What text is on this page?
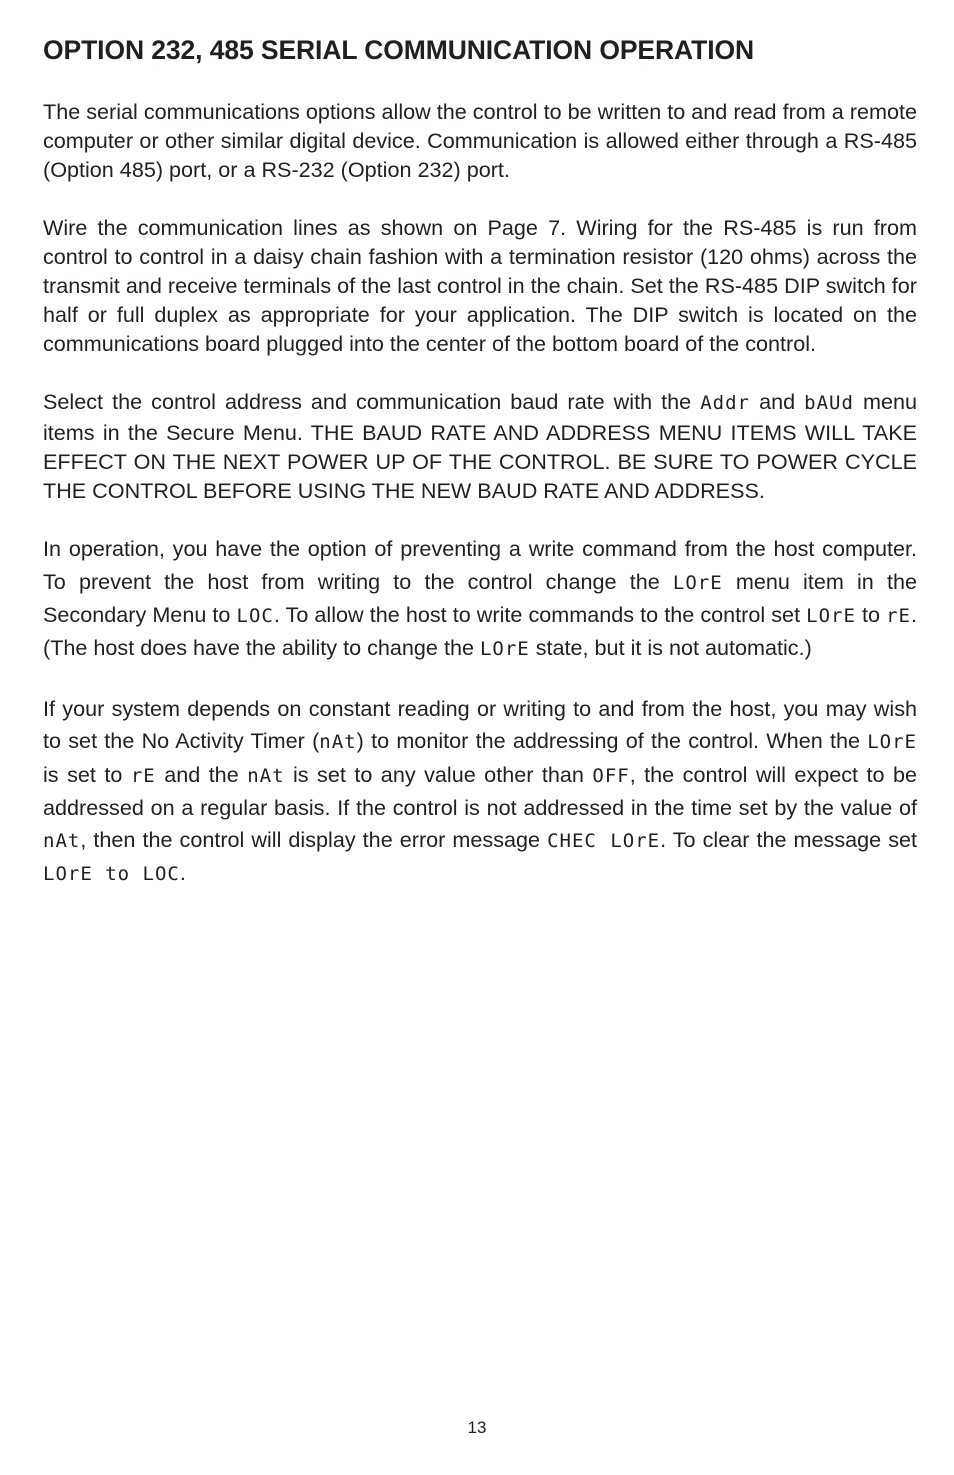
OPTION 232, 485 SERIAL COMMUNICATION OPERATION

The serial communications options allow the control to be written to and read from a remote computer or other similar digital device. Communication is allowed either through a RS-485 (Option 485) port, or a RS-232 (Option 232) port.

Wire the communication lines as shown on Page 7. Wiring for the RS-485 is run from control to control in a daisy chain fashion with a termination resistor (120 ohms) across the transmit and receive terminals of the last control in the chain. Set the RS-485 DIP switch for half or full duplex as appropriate for your application. The DIP switch is located on the communications board plugged into the center of the bottom board of the control.

Select the control address and communication baud rate with the Addr and bAUd menu items in the Secure Menu. THE BAUD RATE AND ADDRESS MENU ITEMS WILL TAKE EFFECT ON THE NEXT POWER UP OF THE CONTROL. BE SURE TO POWER CYCLE THE CONTROL BEFORE USING THE NEW BAUD RATE AND ADDRESS.

In operation, you have the option of preventing a write command from the host computer. To prevent the host from writing to the control change the LOrE menu item in the Secondary Menu to LOC. To allow the host to write commands to the control set LOrE to rE. (The host does have the ability to change the LOrE state, but it is not automatic.)

If your system depends on constant reading or writing to and from the host, you may wish to set the No Activity Timer (nAt) to monitor the addressing of the control. When the LOrE is set to rE and the nAt is set to any value other than OFF, the control will expect to be addressed on a regular basis. If the control is not addressed in the time set by the value of nAt, then the control will display the error message CHEC LOrE. To clear the message set LOrE to LOC.

13
